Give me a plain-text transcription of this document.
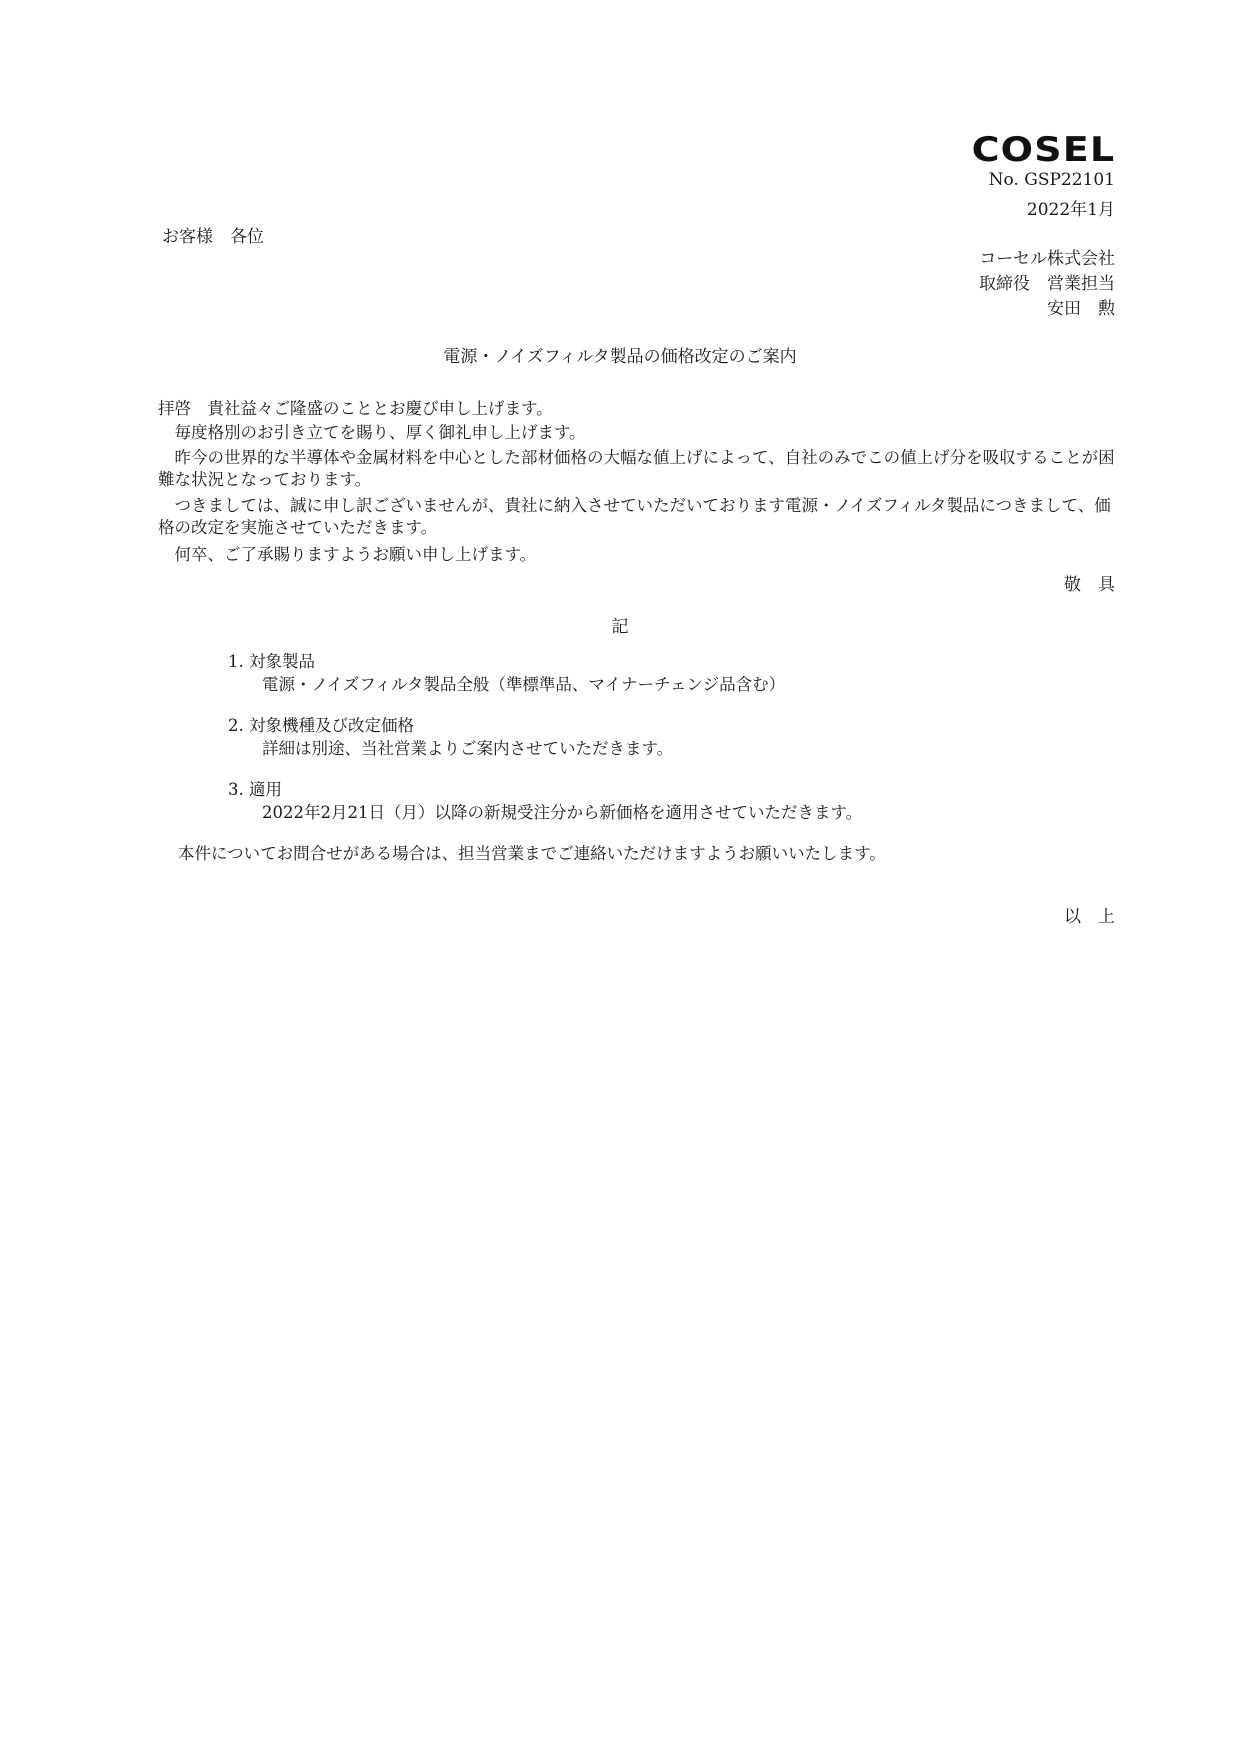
COSEL
No. GSP22101
2022年1月
お客様　各位
コーセル株式会社
取締役　営業担当
安田　勲
電源・ノイズフィルタ製品の価格改定のご案内
拝啓　貴社益々ご隆盛のこととお慶び申し上げます。
毎度格別のお引き立てを賜り、厚く御礼申し上げます。
昨今の世界的な半導体や金属材料を中心とした部材価格の大幅な値上げによって、自社のみでこの値上げ分を吸収することが困難な状況となっております。
つきましては、誠に申し訳ございませんが、貴社に納入させていただいております電源・ノイズフィルタ製品につきまして、価格の改定を実施させていただきます。
何卒、ご了承賜りますようお願い申し上げます。
敬　具
記
1. 対象製品
電源・ノイズフィルタ製品全般（準標準品、マイナーチェンジ品含む）
2. 対象機種及び改定価格
詳細は別途、当社営業よりご案内させていただきます。
3. 適用
2022年2月21日（月）以降の新規受注分から新価格を適用させていただきます。
本件についてお問合せがある場合は、担当営業までご連絡いただけますようお願いいたします。
以　上
